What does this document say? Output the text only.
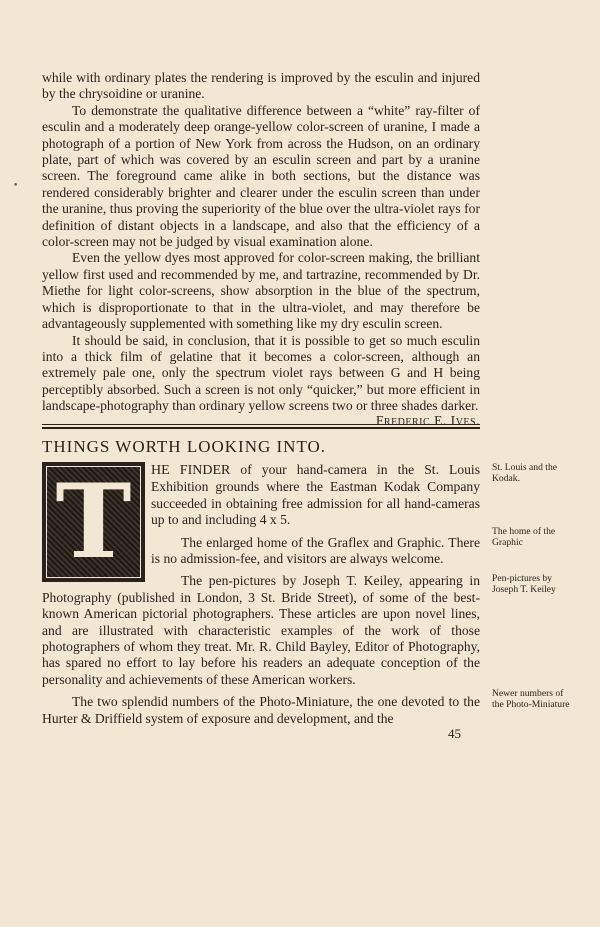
•

while with ordinary plates the rendering is improved by the esculin and injured by the chrysoidine or uranine.

To demonstrate the qualitative difference between a “white” ray-filter of esculin and a moderately deep orange-yellow color-screen of uranine, I made a photograph of a portion of New York from across the Hudson, on an ordinary plate, part of which was covered by an esculin screen and part by a uranine screen. The foreground came alike in both sections, but the distance was rendered considerably brighter and clearer under the esculin screen than under the uranine, thus proving the superiority of the blue over the ultra-violet rays for definition of distant objects in a landscape, and also that the efficiency of a color-screen may not be judged by visual examination alone.

Even the yellow dyes most approved for color-screen making, the brilliant yellow first used and recommended by me, and tartrazine, recommended by Dr. Miethe for light color-screens, show absorption in the blue of the spectrum, which is disproportionate to that in the ultra-violet, and may therefore be advantageously supplemented with something like my dry esculin screen.

It should be said, in conclusion, that it is possible to get so much esculin into a thick film of gelatine that it becomes a color-screen, although an extremely pale one, only the spectrum violet rays between G and H being perceptibly absorbed. Such a screen is not only “quicker,” but more efficient in landscape-photography than ordinary yellow screens two or three shades darker.

Frederic E. Ives.
THINGS WORTH LOOKING INTO.
T	HE FINDER of your hand-camera in the St. Louis Exhibition grounds where the Eastman Kodak Company succeeded in obtaining free admission for all hand-cameras up to and including 4 x 5.

The enlarged home of the Graflex and Graphic. There is no admission-fee, and visitors are always welcome.

The pen-pictures by Joseph T. Keiley, appearing in Photography (published in London, 3 St. Bride Street), of some of the best-known American pictorial photographers. These articles are upon novel lines, and are illustrated with characteristic examples of the work of those photographers of whom they treat. Mr. R. Child Bayley, Editor of Photography, has spared no effort to lay before his readers an adequate conception of the personality and achievements of these American workers.

The two splendid numbers of the Photo-Miniature, the one devoted to the Hurter & Driffield system of exposure and development, and the

St. Louis and the Kodak.
The home of the Graphic
Pen-pictures by Joseph T. Keiley
Newer numbers of the Photo-Miniature
45
